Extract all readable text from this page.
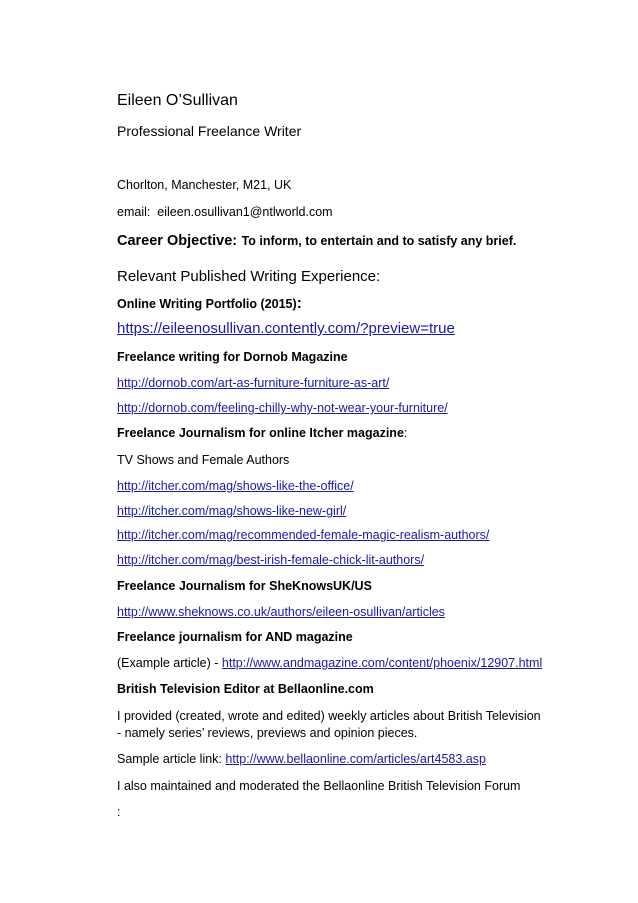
Eileen O’Sullivan
Professional Freelance Writer
Chorlton, Manchester, M21, UK
email: eileen.osullivan1@ntlworld.com
Career Objective: To inform, to entertain and to satisfy any brief.
Relevant Published Writing Experience:
Online Writing Portfolio (2015):
https://eileenosullivan.contently.com/?preview=true
Freelance writing for Dornob Magazine
http://dornob.com/art-as-furniture-furniture-as-art/
http://dornob.com/feeling-chilly-why-not-wear-your-furniture/
Freelance Journalism for online Itcher magazine:
TV Shows and Female Authors
http://itcher.com/mag/shows-like-the-office/
http://itcher.com/mag/shows-like-new-girl/
http://itcher.com/mag/recommended-female-magic-realism-authors/
http://itcher.com/mag/best-irish-female-chick-lit-authors/
Freelance Journalism for SheKnowsUK/US
http://www.sheknows.co.uk/authors/eileen-osullivan/articles
Freelance journalism for AND magazine
(Example article) - http://www.andmagazine.com/content/phoenix/12907.html
British Television Editor at Bellaonline.com
I provided (created, wrote and edited) weekly articles about British Television
- namely series’ reviews, previews and opinion pieces.
Sample article link: http://www.bellaonline.com/articles/art4583.asp
I also maintained and moderated the Bellaonline British Television Forum
:
